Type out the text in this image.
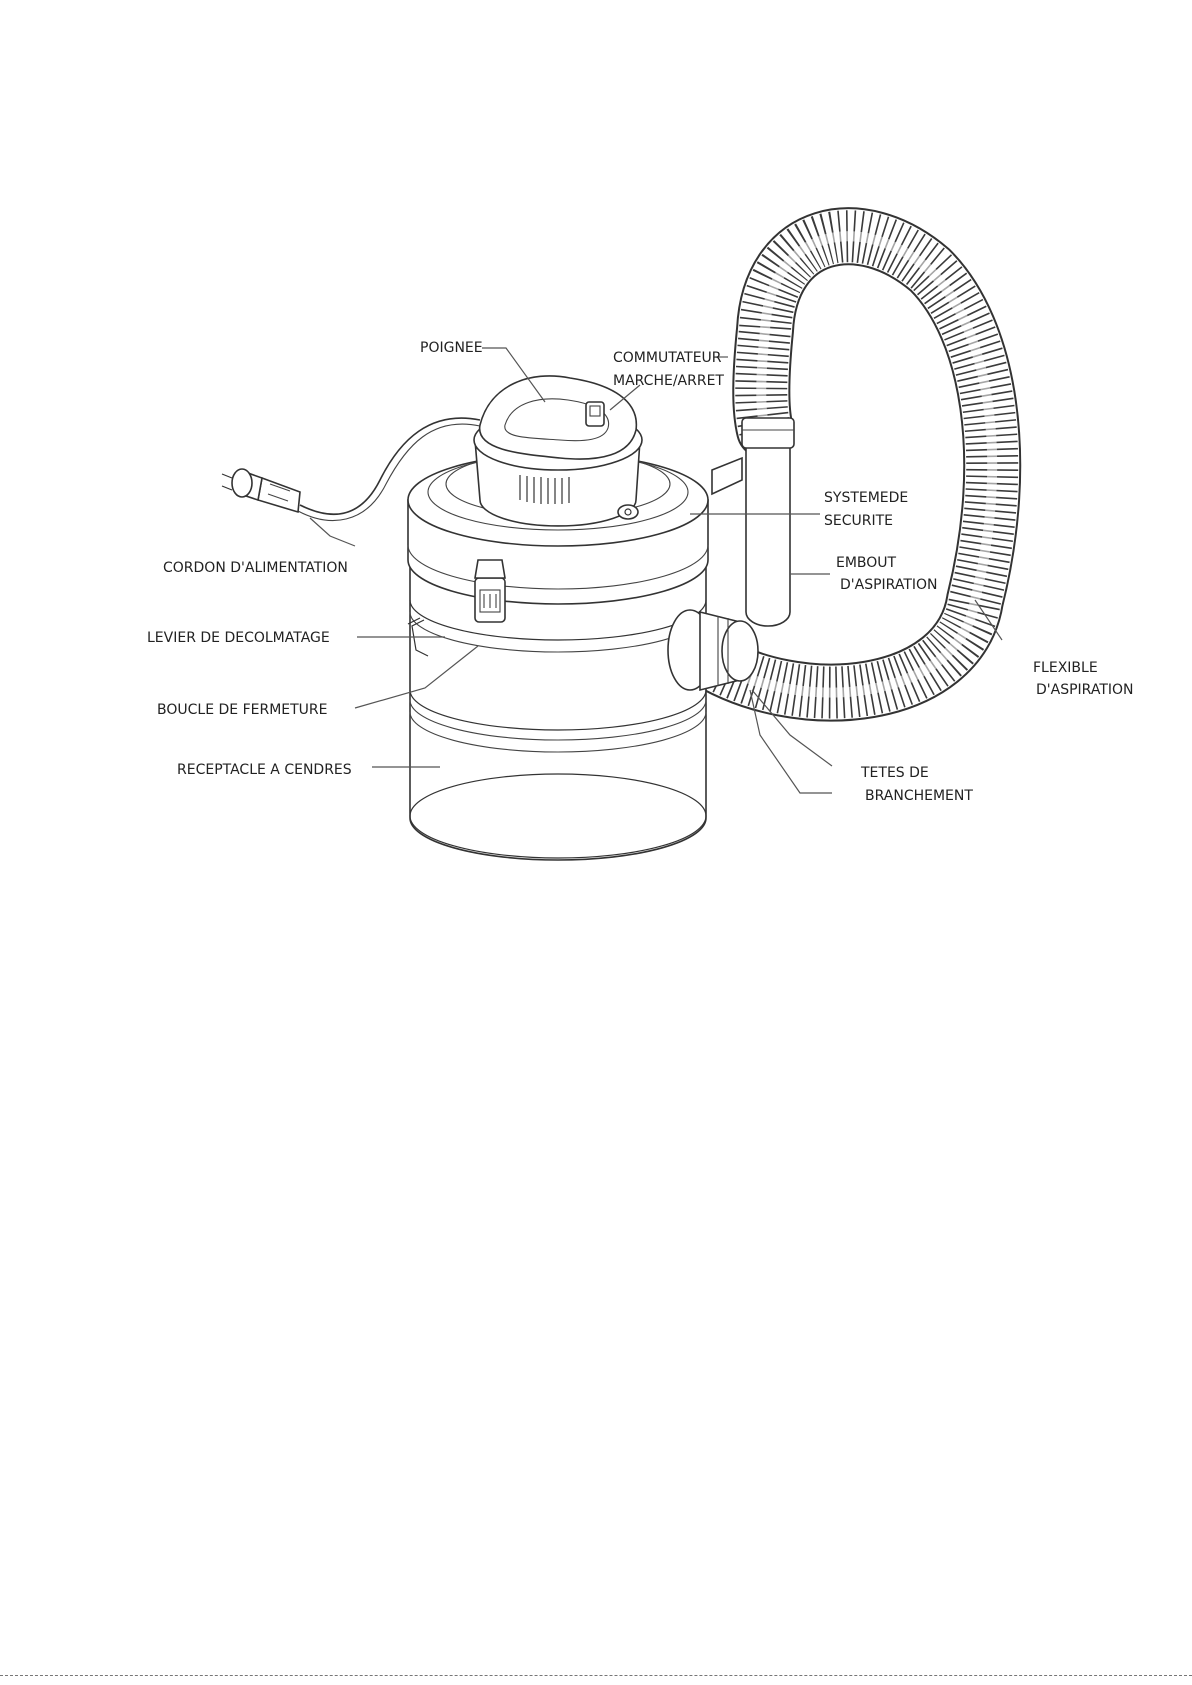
POIGNEE
COMMUTATEUR
MARCHE/ARRET
CORDON D'ALIMENTATION
LEVIER DE DECOLMATAGE
BOUCLE DE FERMETURE
RECEPTACLE A CENDRES
SYSTEMEDE
SECURITE
EMBOUT
D'ASPIRATION
FLEXIBLE
D'ASPIRATION
TETES DE
BRANCHEMENT
